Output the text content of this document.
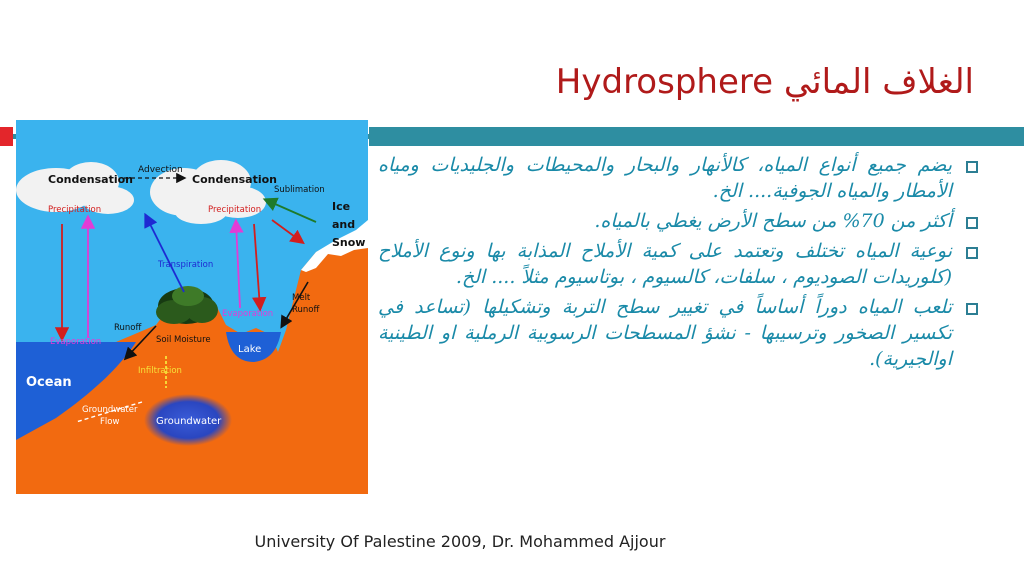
Hydrosphere الغلاف المائي
Advection
Condensation	Condensation
Sublimation
Precipitation	Precipitation	Ice
and
Snow
Transpiration
Melt
Runoff
Evaporation
Runoff
Soil Moisture
Lake
Evaporation
Infiltration
Ocean
Groundwater
Flow	Groundwater
يضم جميع أنواع المياه، كالأنهار والبحار والمحيطات والجليديات ومياه الأمطار والمياه الجوفية.... الخ.
أكثر من 70% من سطح الأرض يغطي بالمياه.
نوعية المياه تختلف وتعتمد على كمية الأملاح المذابة بها ونوع الأملاح (كلوريدات الصوديوم ، سلفات، كالسيوم ، بوتاسيوم مثلاً .... الخ.
تلعب المياه دوراً أساساً في تغيير سطح التربة وتشكيلها (تساعد في تكسير الصخور وترسيبها - نشؤ المسطحات الرسوبية الرملية او الطينية اوالجيرية).
University Of Palestine 2009, Dr. Mohammed Ajjour
